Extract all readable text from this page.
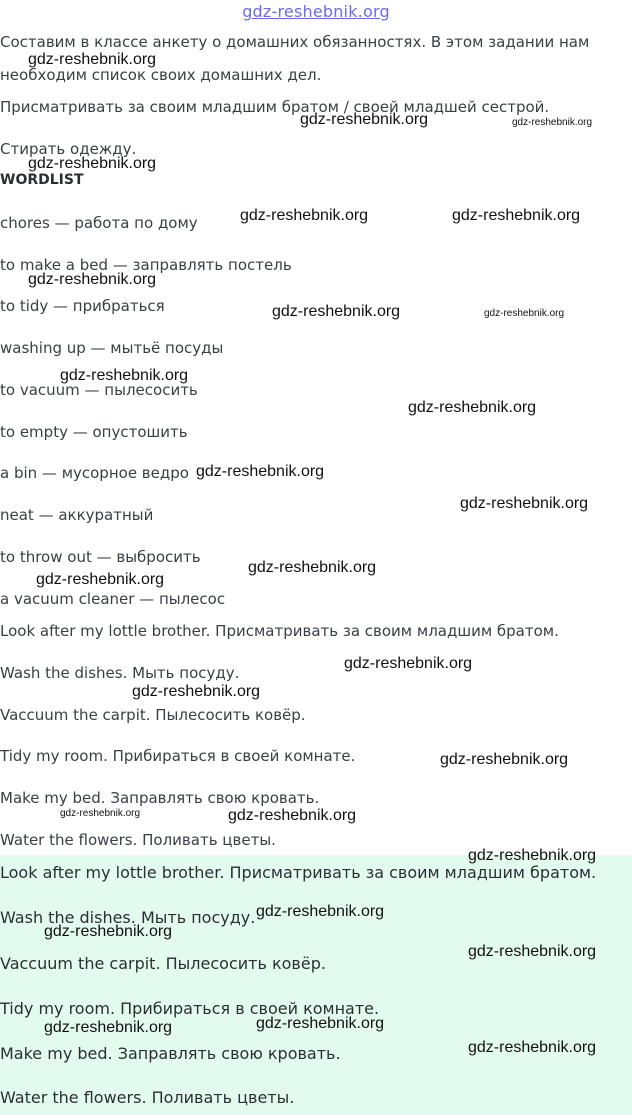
gdz-reshebnik.org
Составим в классе анкету о домашних обязанностях. В этом задании нам
необходим список своих домашних дел.
Присматривать за своим младшим братом / своей младшей сестрой.
Стирать одежду.
WORDLIST
chores — работа по дому
to make a bed — заправлять постель
to tidy — прибраться
washing up — мытьё посуды
to vacuum — пылесосить
to empty — опустошить
a bin — мусорное ведро
neat — аккуратный
to throw out — выбросить
a vacuum cleaner — пылесос
Look after my lottle brother. Присматривать за своим младшим братом.
Wash the dishes. Мыть посуду.
Vaccuum the carpit. Пылесосить ковёр.
Tidy my room. Прибираться в своей комнате.
Make my bed. Заправлять свою кровать.
Water the flowers. Поливать цветы.
Look after my lottle brother. Присматривать за своим младшим братом.
Wash the dishes. Мыть посуду.
Vaccuum the carpit. Пылесосить ковёр.
Tidy my room. Прибираться в своей комнате.
Make my bed. Заправлять свою кровать.
Water the flowers. Поливать цветы.
gdz-reshebnik.org
gdz-reshebnik.org	gdz-reshebnik.org
gdz-reshebnik.org
gdz-reshebnik.org	gdz-reshebnik.org
gdz-reshebnik.org
gdz-reshebnik.org	gdz-reshebnik.org
gdz-reshebnik.org
gdz-reshebnik.org
gdz-reshebnik.org
gdz-reshebnik.org
gdz-reshebnik.org
gdz-reshebnik.org
gdz-reshebnik.org
gdz-reshebnik.org
gdz-reshebnik.org
gdz-reshebnik.org	gdz-reshebnik.org
gdz-reshebnik.org
gdz-reshebnik.org
gdz-reshebnik.org
gdz-reshebnik.org
gdz-reshebnik.org
gdz-reshebnik.org
gdz-reshebnik.org
